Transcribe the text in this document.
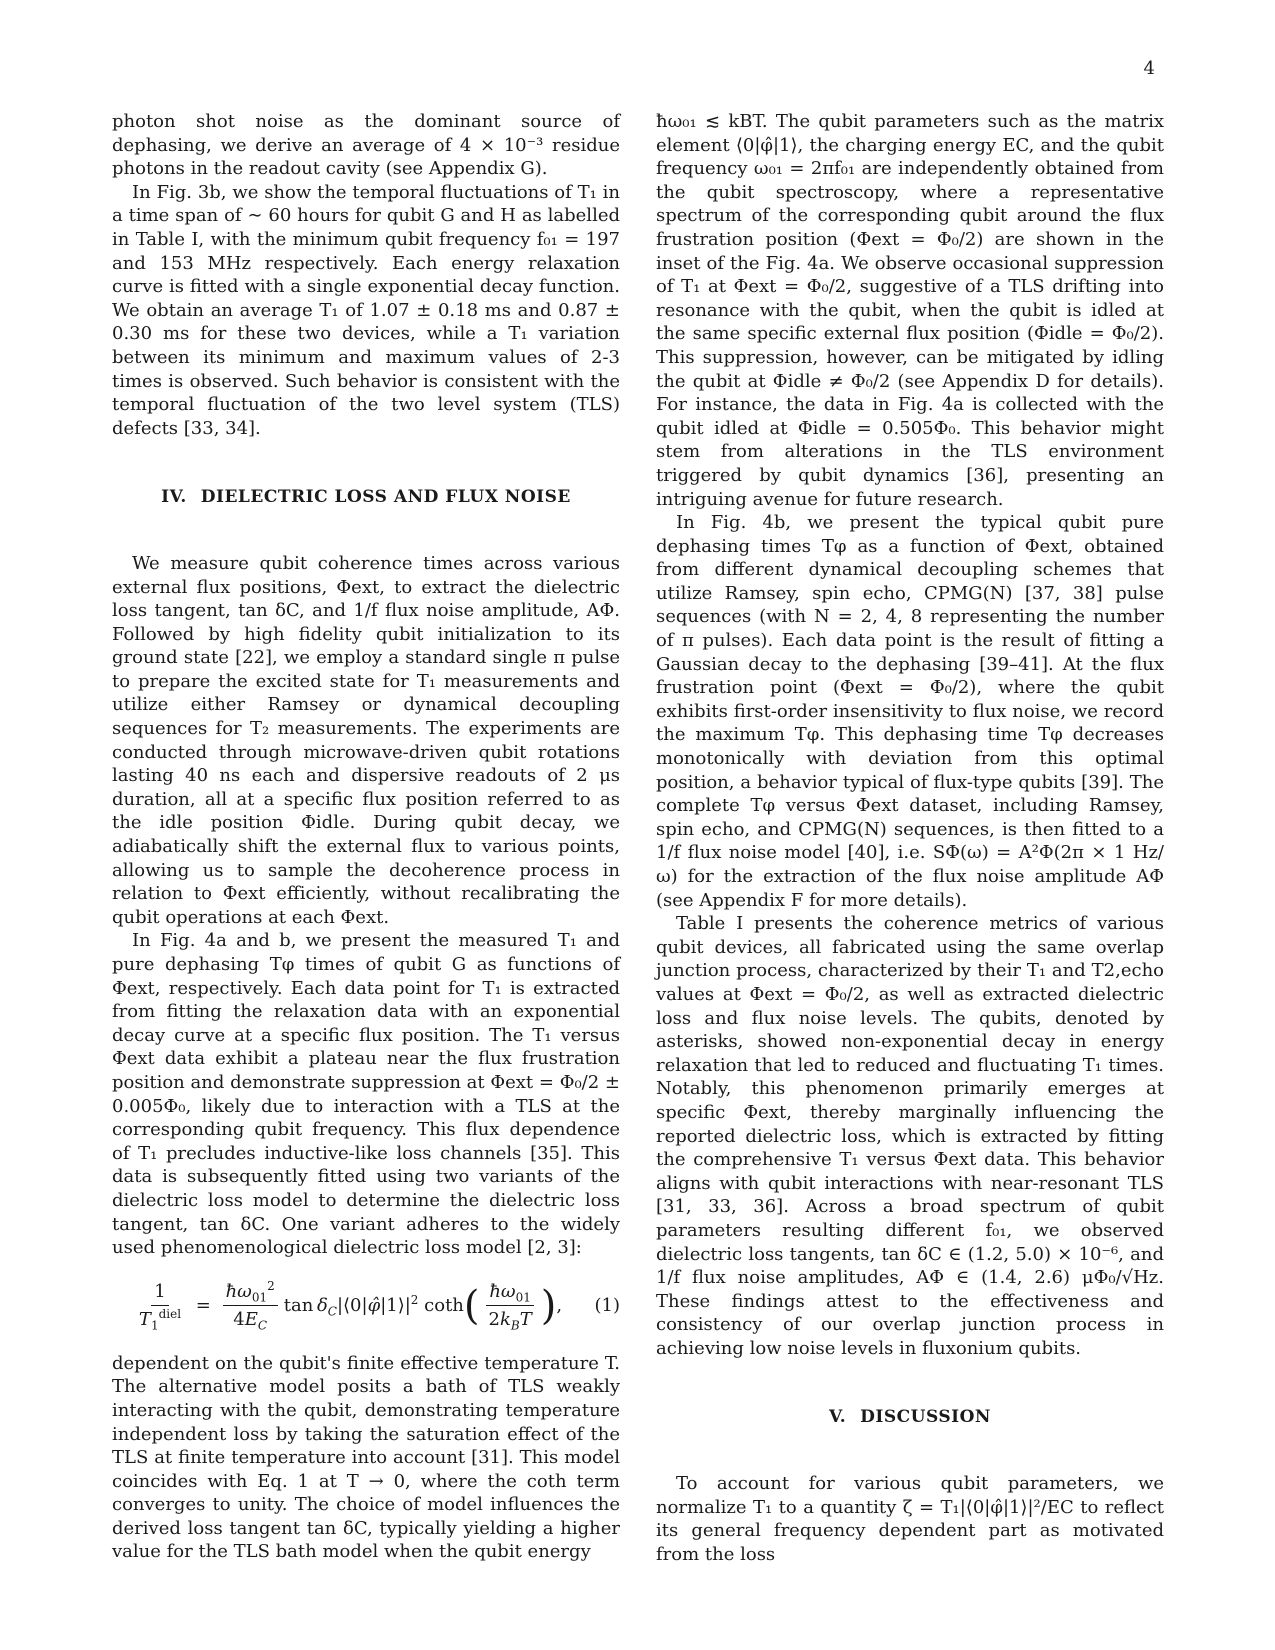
4

photon shot noise as the dominant source of dephasing, we derive an average of 4 × 10⁻³ residue photons in the readout cavity (see Appendix G).

In Fig. 3b, we show the temporal fluctuations of T₁ in a time span of ∼ 60 hours for qubit G and H as labelled in Table I, with the minimum qubit frequency f₀₁ = 197 and 153 MHz respectively. Each energy relaxation curve is fitted with a single exponential decay function. We obtain an average T₁ of 1.07 ± 0.18 ms and 0.87 ± 0.30 ms for these two devices, while a T₁ variation between its minimum and maximum values of 2-3 times is observed. Such behavior is consistent with the temporal fluctuation of the two level system (TLS) defects [33, 34].

IV. DIELECTRIC LOSS AND FLUX NOISE

We measure qubit coherence times across various external flux positions, Φext, to extract the dielectric loss tangent, tan δC, and 1/f flux noise amplitude, AΦ. Followed by high fidelity qubit initialization to its ground state [22], we employ a standard single π pulse to prepare the excited state for T₁ measurements and utilize either Ramsey or dynamical decoupling sequences for T₂ measurements. The experiments are conducted through microwave-driven qubit rotations lasting 40 ns each and dispersive readouts of 2 μs duration, all at a specific flux position referred to as the idle position Φidle. During qubit decay, we adiabatically shift the external flux to various points, allowing us to sample the decoherence process in relation to Φext efficiently, without recalibrating the qubit operations at each Φext.

In Fig. 4a and b, we present the measured T₁ and pure dephasing Tφ times of qubit G as functions of Φext, respectively. Each data point for T₁ is extracted from fitting the relaxation data with an exponential decay curve at a specific flux position. The T₁ versus Φext data exhibit a plateau near the flux frustration position and demonstrate suppression at Φext = Φ₀/2 ± 0.005Φ₀, likely due to interaction with a TLS at the corresponding qubit frequency. This flux dependence of T₁ precludes inductive-like loss channels [35]. This data is subsequently fitted using two variants of the dielectric loss model to determine the dielectric loss tangent, tan δC. One variant adheres to the widely used phenomenological dielectric loss model [2, 3]:

$\frac{1}{T_1^{diel}} = \frac{ħ\omega_{01}^2}{4E_C}$ $\tan \delta_C|⟨0|\varphî|1⟩|^2$ coth ( $\frac{ħ\omega_{01}}{2k_BT}$ ) ,	(1)

dependent on the qubit's finite effective temperature T. The alternative model posits a bath of TLS weakly interacting with the qubit, demonstrating temperature independent loss by taking the saturation effect of the TLS at finite temperature into account [31]. This model coincides with Eq. 1 at T → 0, where the coth term converges to unity. The choice of model influences the derived loss tangent tan δC, typically yielding a higher value for the TLS bath model when the qubit energy

ħω₀₁ ≲ kBT. The qubit parameters such as the matrix element ⟨0|φ̂|1⟩, the charging energy EC, and the qubit frequency ω₀₁ = 2πf₀₁ are independently obtained from the qubit spectroscopy, where a representative spectrum of the corresponding qubit around the flux frustration position (Φext = Φ₀/2) are shown in the inset of the Fig. 4a. We observe occasional suppression of T₁ at Φext = Φ₀/2, suggestive of a TLS drifting into resonance with the qubit, when the qubit is idled at the same specific external flux position (Φidle = Φ₀/2). This suppression, however, can be mitigated by idling the qubit at Φidle ≠ Φ₀/2 (see Appendix D for details). For instance, the data in Fig. 4a is collected with the qubit idled at Φidle = 0.505Φ₀. This behavior might stem from alterations in the TLS environment triggered by qubit dynamics [36], presenting an intriguing avenue for future research.

In Fig. 4b, we present the typical qubit pure dephasing times Tφ as a function of Φext, obtained from different dynamical decoupling schemes that utilize Ramsey, spin echo, CPMG(N) [37, 38] pulse sequences (with N = 2, 4, 8 representing the number of π pulses). Each data point is the result of fitting a Gaussian decay to the dephasing [39–41]. At the flux frustration point (Φext = Φ₀/2), where the qubit exhibits first-order insensitivity to flux noise, we record the maximum Tφ. This dephasing time Tφ decreases monotonically with deviation from this optimal position, a behavior typical of flux-type qubits [39]. The complete Tφ versus Φext dataset, including Ramsey, spin echo, and CPMG(N) sequences, is then fitted to a 1/f flux noise model [40], i.e. SΦ(ω) = A²Φ(2π × 1 Hz/ω) for the extraction of the flux noise amplitude AΦ (see Appendix F for more details).

Table I presents the coherence metrics of various qubit devices, all fabricated using the same overlap junction process, characterized by their T₁ and T2,echo values at Φext = Φ₀/2, as well as extracted dielectric loss and flux noise levels. The qubits, denoted by asterisks, showed non-exponential decay in energy relaxation that led to reduced and fluctuating T₁ times. Notably, this phenomenon primarily emerges at specific Φext, thereby marginally influencing the reported dielectric loss, which is extracted by fitting the comprehensive T₁ versus Φext data. This behavior aligns with qubit interactions with near-resonant TLS [31, 33, 36]. Across a broad spectrum of qubit parameters resulting different f₀₁, we observed dielectric loss tangents, tan δC ∈ (1.2, 5.0) × 10⁻⁶, and 1/f flux noise amplitudes, AΦ ∈ (1.4, 2.6) μΦ₀/√Hz. These findings attest to the effectiveness and consistency of our overlap junction process in achieving low noise levels in fluxonium qubits.

V. DISCUSSION

To account for various qubit parameters, we normalize T₁ to a quantity ζ = T₁|⟨0|φ̂|1⟩|²/EC to reflect its general frequency dependent part as motivated from the loss
